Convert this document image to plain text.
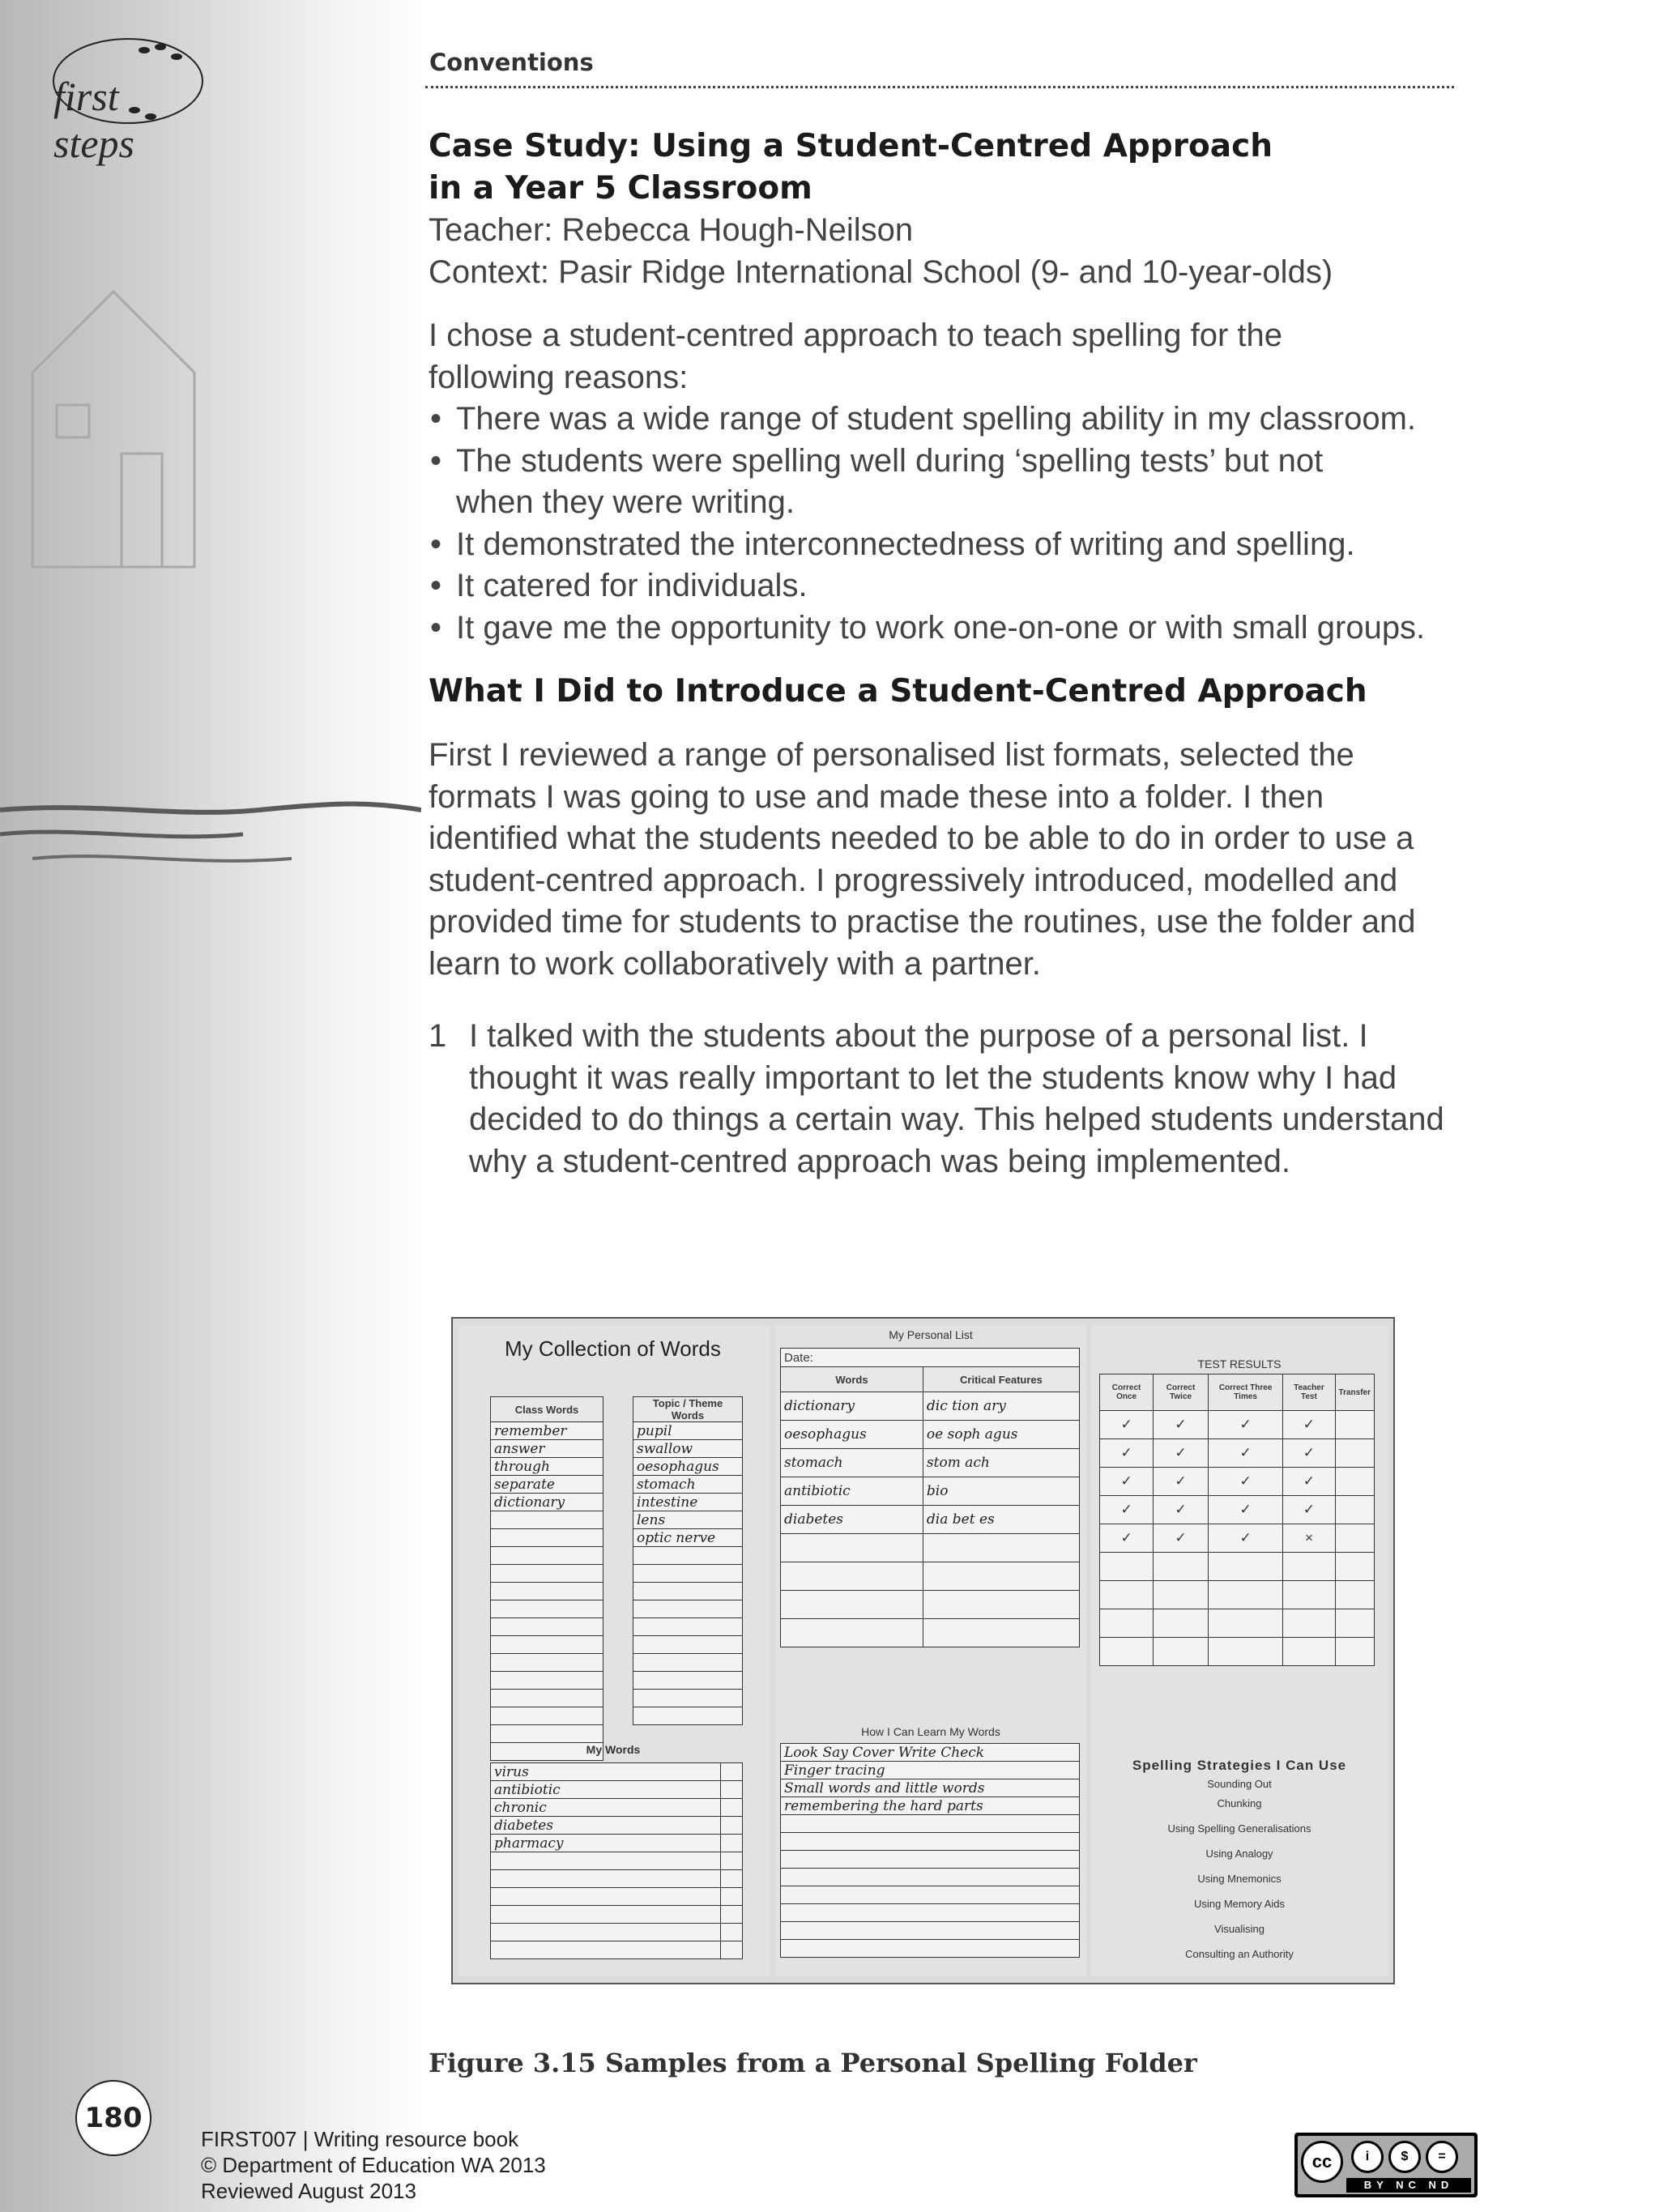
first steps
Conventions
Case Study: Using a Student-Centred Approach
in a Year 5 Classroom

Teacher: Rebecca Hough-Neilson

Context: Pasir Ridge International School (9- and 10-year-olds)

I chose a student-centred approach to teach spelling for the
following reasons:

• There was a wide range of student spelling ability in my classroom.
• The students were spelling well during ‘spelling tests’ but not when they were writing.
• It demonstrated the interconnectedness of writing and spelling.
• It catered for individuals.
• It gave me the opportunity to work one-on-one or with small groups.
What I Did to Introduce a Student-Centred Approach

First I reviewed a range of personalised list formats, selected the formats I was going to use and made these into a folder. I then identified what the students needed to be able to do in order to use a student-centred approach. I progressively introduced, modelled and provided time for students to practise the routines, use the folder and learn to work collaboratively with a partner.

1 I talked with the students about the purpose of a personal list. I thought it was really important to let the students know why I had decided to do things a certain way. This helped students understand why a student-centred approach was being implemented.
My Collection of Words
Class Words
remember
answer
through
separate
dictionary

Topic / Theme Words
pupil
swallow
oesophagus
stomach
intestine
lens
optic nerve

My Words
virus	
antibiotic	
chronic	
diabetes	
pharmacy	

My Personal List
Date:	
Words	Critical Features
dictionary	dic tion ary
oesophagus	oe soph agus
stomach	stom ach
antibiotic	bio
diabetes	dia bet es

How I Can Learn My Words
Look Say Cover Write Check
Finger tracing
Small words and little words
remembering the hard parts

TEST RESULTS
Correct Once	Correct Twice	Correct Three Times	Teacher Test	Transfer
✓	✓	✓	✓	
✓	✓	✓	✓	
✓	✓	✓	✓	
✓	✓	✓	✓	
✓	✓	✓	×	

Spelling Strategies I Can Use
Sounding Out
Chunking
Using Spelling Generalisations
Using Analogy
Using Mnemonics
Using Memory Aids
Visualising
Consulting an Authority
Figure 3.15 Samples from a Personal Spelling Folder
180
FIRST007 | Writing resource book
© Department of Education WA 2013
Reviewed August 2013
cc	i	$	=
BY NC ND
